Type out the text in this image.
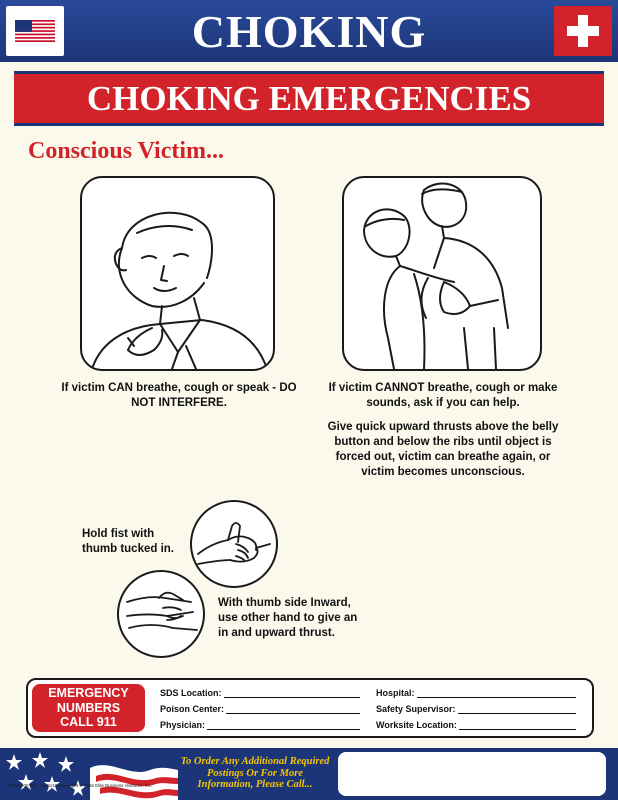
CHOKING
CHOKING EMERGENCIES
Conscious Victim...
If victim CAN breathe, cough or speak - DO NOT INTERFERE.
If victim CANNOT breathe, cough or make sounds, ask if you can help.
Give quick upward thrusts above the belly button and below the ribs until object is forced out, victim can breathe again, or victim becomes unconscious.
Hold fist with thumb tucked in.
With thumb side Inward, use other hand to give an in and upward thrust.
EMERGENCY
NUMBERS
CALL 911
SDS Location:
Poison Center:
Physician:
Hospital:
Safety Supervisor:
Worksite Location:
To Order Any Additional Required Postings Or For More Information, Please Call...
CHOK900 Rev. 12/21/15 Copyright © 2016 Elite Business Ventures, Inc.
